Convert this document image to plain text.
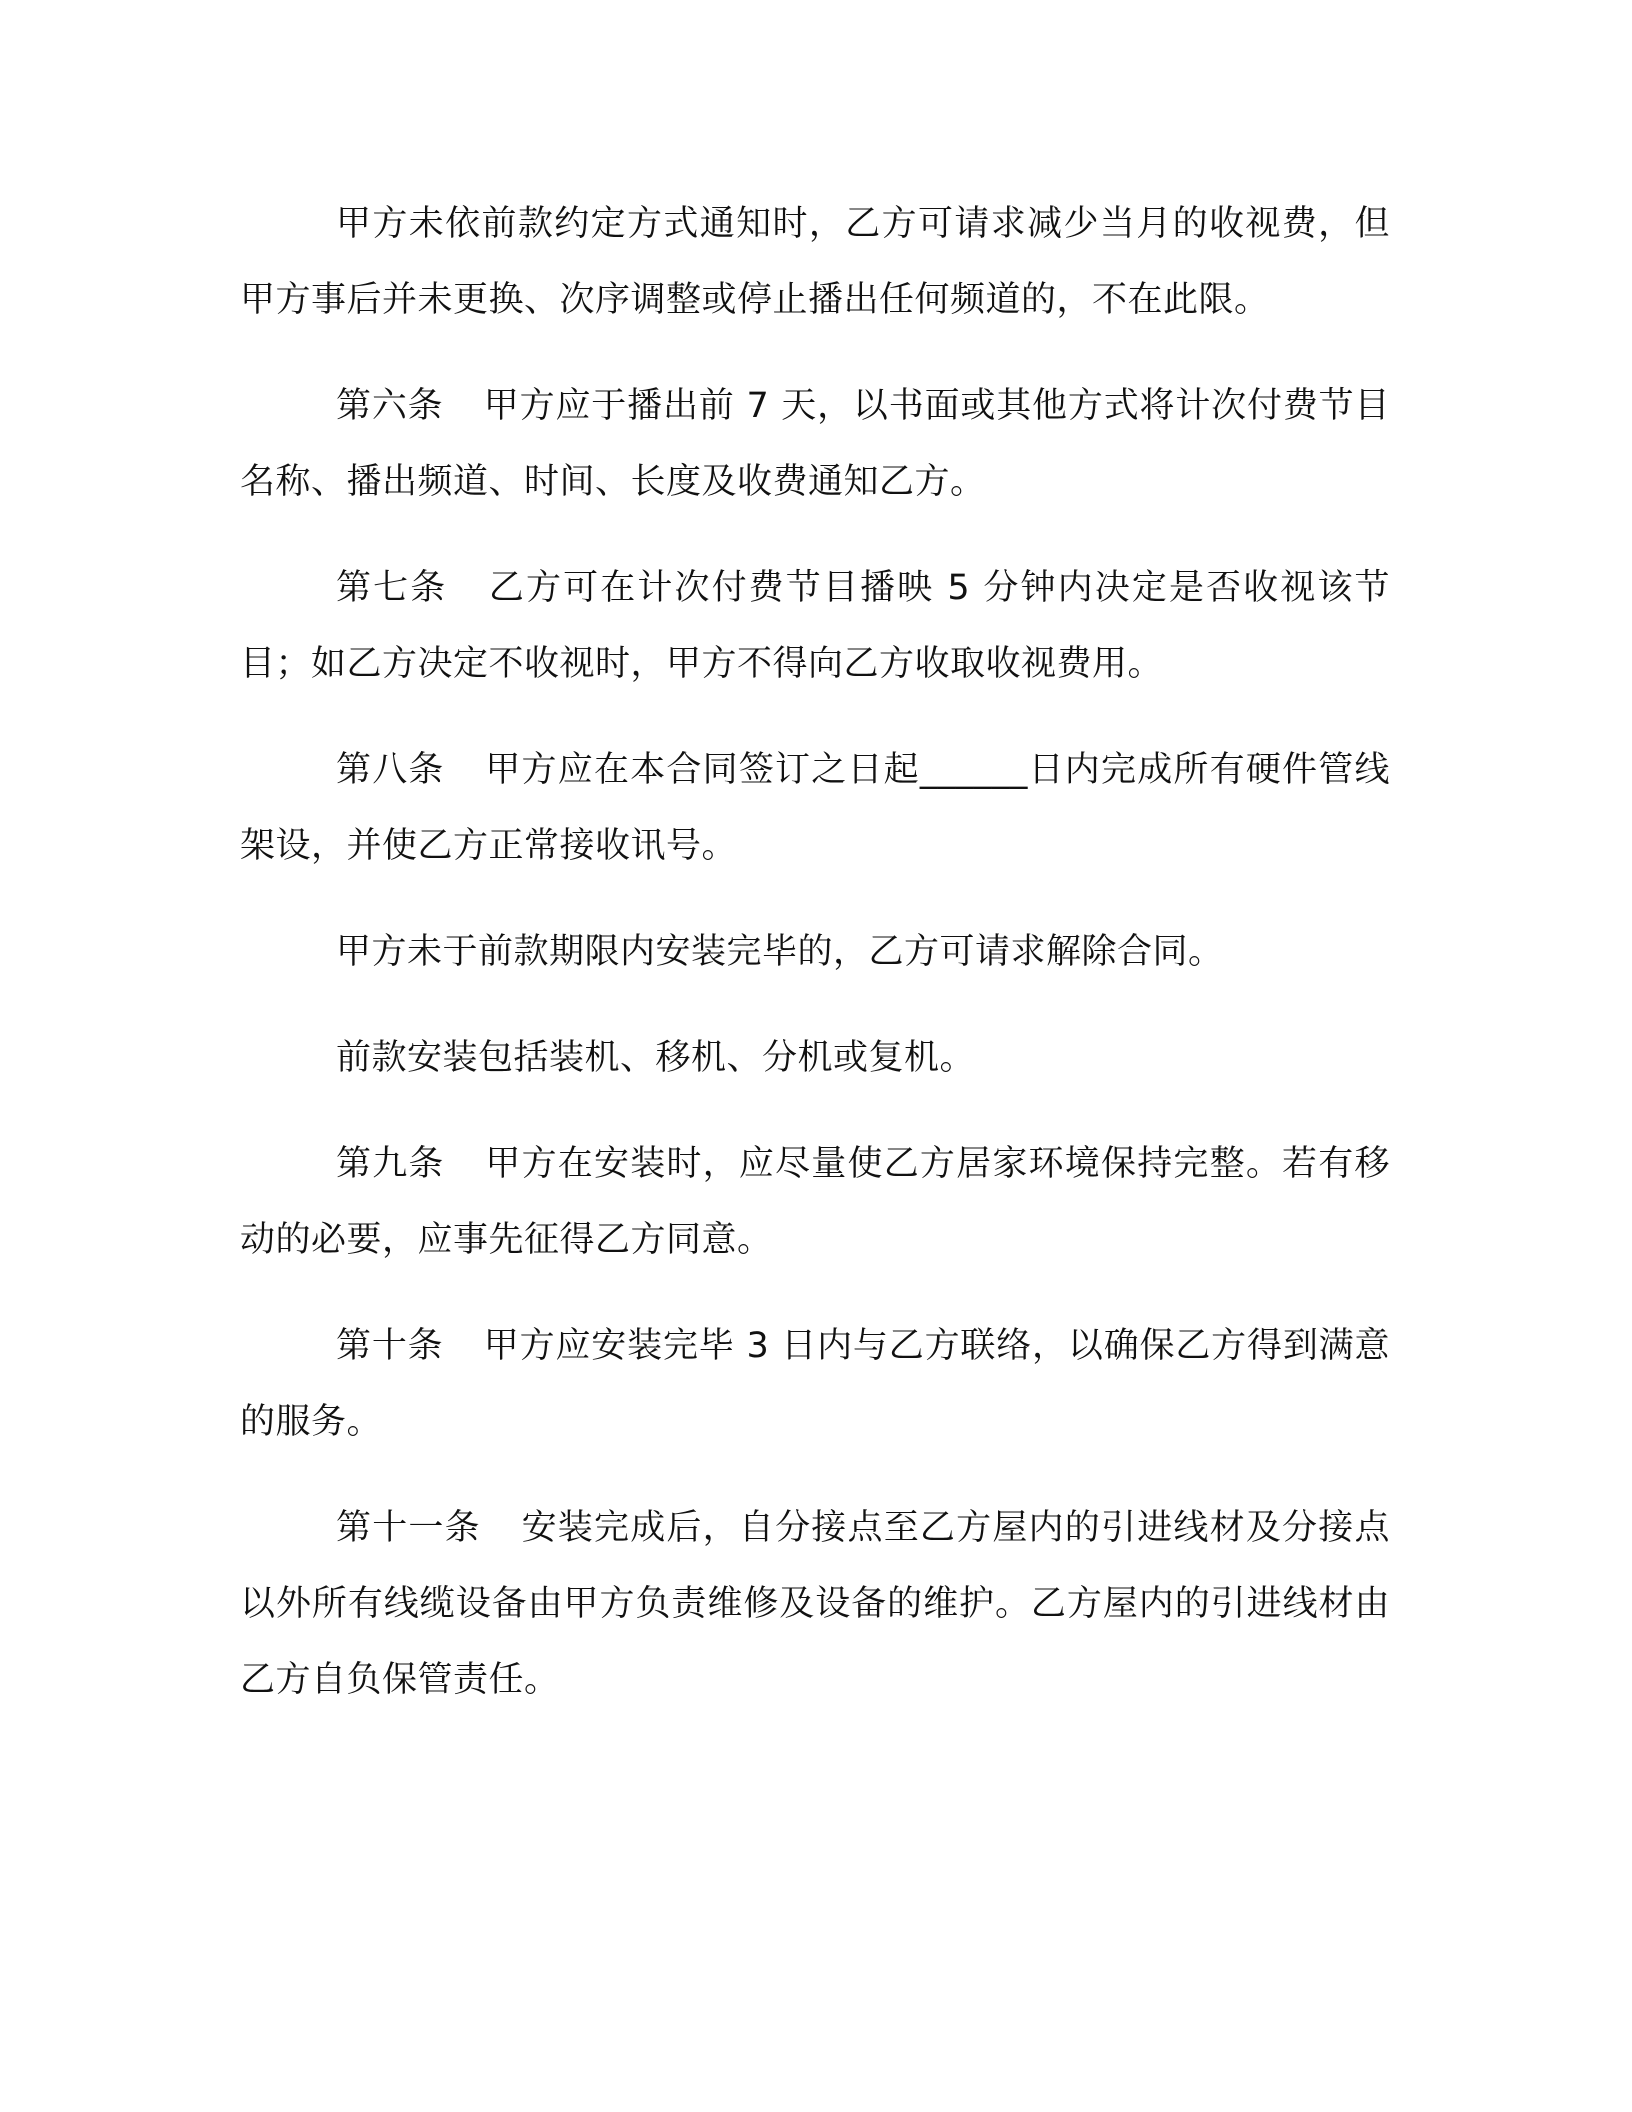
甲方未依前款约定方式通知时，乙方可请求减少当月的收视费，但甲方事后并未更换、次序调整或停止播出任何频道的，不在此限。

第六条 甲方应于播出前 7 天，以书面或其他方式将计次付费节目名称、播出频道、时间、长度及收费通知乙方。

第七条 乙方可在计次付费节目播映 5 分钟内决定是否收视该节目；如乙方决定不收视时，甲方不得向乙方收取收视费用。

第八条 甲方应在本合同签订之日起______日内完成所有硬件管线架设，并使乙方正常接收讯号。

甲方未于前款期限内安装完毕的，乙方可请求解除合同。

前款安装包括装机、移机、分机或复机。

第九条 甲方在安装时，应尽量使乙方居家环境保持完整。若有移动的必要，应事先征得乙方同意。

第十条 甲方应安装完毕 3 日内与乙方联络，以确保乙方得到满意的服务。

第十一条 安装完成后，自分接点至乙方屋内的引进线材及分接点以外所有线缆设备由甲方负责维修及设备的维护。乙方屋内的引进线材由乙方自负保管责任。
